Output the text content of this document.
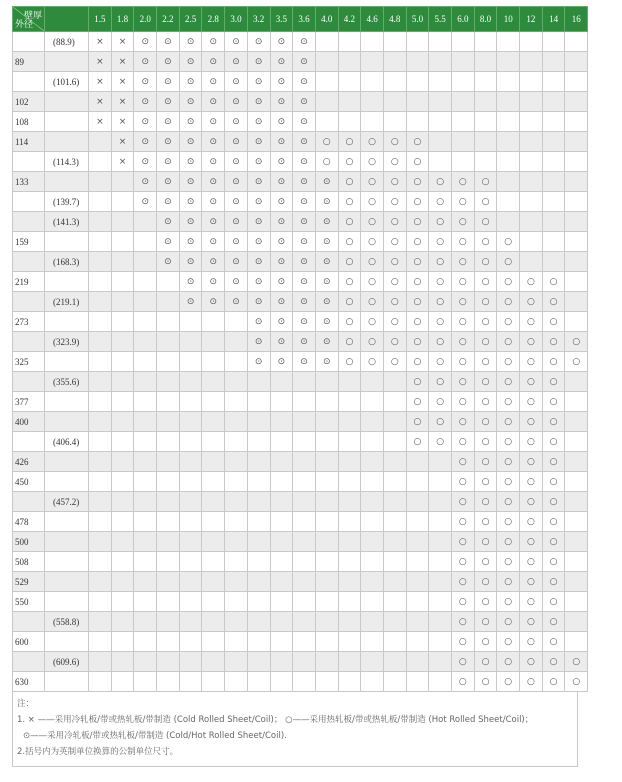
壁厚
外径		1.5	1.8	2.0	2.2	2.5	2.8	3.0	3.2	3.5	3.6	4.0	4.2	4.6	4.8	5.0	5.5	6.0	8.0	10	12	14	16
	(88.9)	×	×	⊙	⊙	⊙	⊙	⊙	⊙	⊙	⊙												
89		×	×	⊙	⊙	⊙	⊙	⊙	⊙	⊙	⊙												
	(101.6)	×	×	⊙	⊙	⊙	⊙	⊙	⊙	⊙	⊙												
102		×	×	⊙	⊙	⊙	⊙	⊙	⊙	⊙	⊙												
108		×	×	⊙	⊙	⊙	⊙	⊙	⊙	⊙	⊙												
114			×	⊙	⊙	⊙	⊙	⊙	⊙	⊙	⊙	○	○	○	○	○							
	(114.3)		×	⊙	⊙	⊙	⊙	⊙	⊙	⊙	⊙	○	○	○	○	○							
133				⊙	⊙	⊙	⊙	⊙	⊙	⊙	⊙	⊙	○	○	○	○	○	○	○				
	(139.7)			⊙	⊙	⊙	⊙	⊙	⊙	⊙	⊙	⊙	○	○	○	○	○	○	○				
	(141.3)				⊙	⊙	⊙	⊙	⊙	⊙	⊙	⊙	○	○	○	○	○	○	○				
159					⊙	⊙	⊙	⊙	⊙	⊙	⊙	⊙	○	○	○	○	○	○	○	○			
	(168.3)				⊙	⊙	⊙	⊙	⊙	⊙	⊙	⊙	○	○	○	○	○	○	○	○			
219						⊙	⊙	⊙	⊙	⊙	⊙	⊙	○	○	○	○	○	○	○	○	○	○	
	(219.1)					⊙	⊙	⊙	⊙	⊙	⊙	⊙	○	○	○	○	○	○	○	○	○	○	
273									⊙	⊙	⊙	⊙	○	○	○	○	○	○	○	○	○	○	
	(323.9)								⊙	⊙	⊙	⊙	○	○	○	○	○	○	○	○	○	○	○
325									⊙	⊙	⊙	⊙	○	○	○	○	○	○	○	○	○	○	○
	(355.6)															○	○	○	○	○	○	○	
377																○	○	○	○	○	○	○	
400																○	○	○	○	○	○	○	
	(406.4)															○	○	○	○	○	○	○	
426																		○	○	○	○	○	
450																		○	○	○	○	○	
	(457.2)																	○	○	○	○	○	
478																		○	○	○	○	○	
500																		○	○	○	○	○	
508																		○	○	○	○	○	
529																		○	○	○	○	○	
550																		○	○	○	○	○	
	(558.8)																	○	○	○	○	○	
600																		○	○	○	○	○	
	(609.6)																	○	○	○	○	○	○
630																		○	○	○	○	○	○
注：
1. × ——采用冷轧板/带或热轧板/带制造 (Cold Rolled Sheet/Coil)； ○——采用热轧板/带或热轧板/带制造 (Hot Rolled Sheet/Coil)；
⊙——采用冷轧板/带或热轧板/带制造 (Cold/Hot Rolled Sheet/Coil).
2.括号内为英制单位换算的公制单位尺寸。
